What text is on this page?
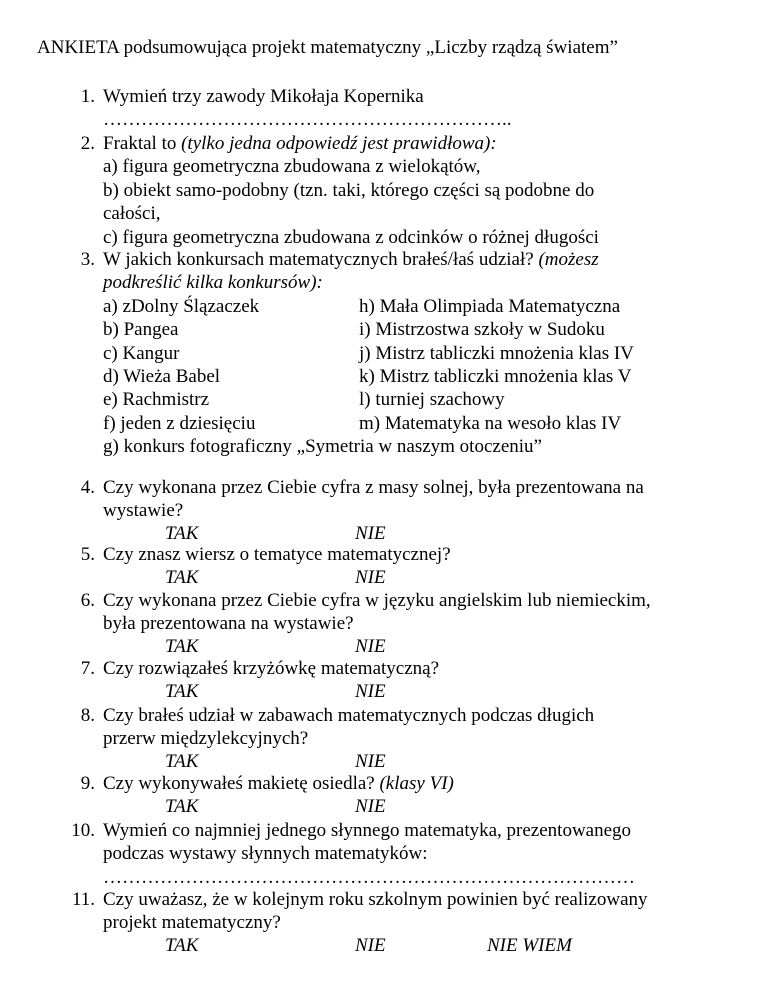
ANKIETA podsumowująca projekt matematyczny „Liczby rządzą światem”
1. Wymień trzy zawody Mikołaja Kopernika
………………………………………………………..
2. Fraktal to (tylko jedna odpowiedź jest prawidłowa):
a) figura geometryczna zbudowana z wielokątów,
b) obiekt samo-podobny (tzn. taki, którego części są podobne do
całości,
c) figura geometryczna zbudowana z odcinków o różnej długości
3. W jakich konkursach matematycznych brałeś/łaś udział? (możesz
podkreślić kilka konkursów):
a) zDolny Ślązaczek
b) Pangea
c) Kangur
d) Wieża Babel
e) Rachmistrz
f) jeden z dziesięciu
h) Mała Olimpiada Matematyczna
i) Mistrzostwa szkoły w Sudoku
j) Mistrz tabliczki mnożenia klas IV
k) Mistrz tabliczki mnożenia klas V
l) turniej szachowy
m) Matematyka na wesoło klas IV
g) konkurs fotograficzny „Symetria w naszym otoczeniu”
4. Czy wykonana przez Ciebie cyfra z masy solnej, była prezentowana na
wystawie?
TAK	NIE
5. Czy znasz wiersz o tematyce matematycznej?
TAK	NIE
6. Czy wykonana przez Ciebie cyfra w języku angielskim lub niemieckim,
była prezentowana na wystawie?
TAK	NIE
7. Czy rozwiązałeś krzyżówkę matematyczną?
TAK	NIE
8. Czy brałeś udział w zabawach matematycznych podczas długich
przerw międzylekcyjnych?
TAK	NIE
9. Czy wykonywałeś makietę osiedla? (klasy VI)
TAK	NIE
10. Wymień co najmniej jednego słynnego matematyka, prezentowanego
podczas wystawy słynnych matematyków:
…………………………………………………………………………
11. Czy uważasz, że w kolejnym roku szkolnym powinien być realizowany
projekt matematyczny?
TAK	NIE	NIE WIEM
